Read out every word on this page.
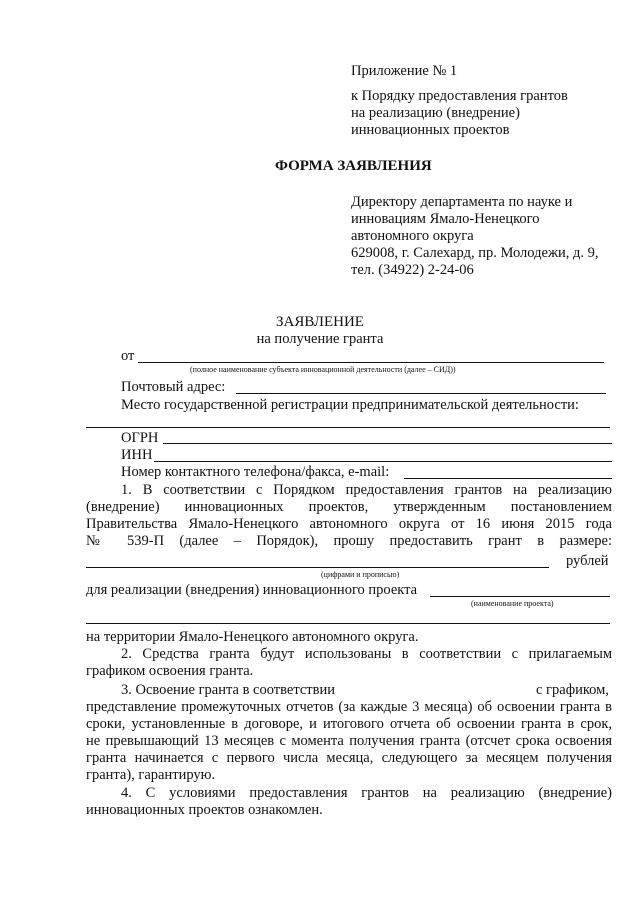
Приложение № 1
к Порядку предоставления грантов
на реализацию (внедрение)
инновационных проектов
ФОРМА ЗАЯВЛЕНИЯ
Директору департамента по науке и
инновациям Ямало-Ненецкого
автономного округа
629008, г. Салехард, пр. Молодежи, д. 9,
тел. (34922) 2-24-06
ЗАЯВЛЕНИЕ
на получение гранта
от
(полное наименование субъекта инновационной деятельности (далее – СИД))
Почтовый адрес:
Место государственной регистрации предпринимательской деятельности:
ОГРН
ИНН
Номер контактного телефона/факса, e-mail:
1. В соответствии с Порядком предоставления грантов на реализацию
(внедрение) инновационных проектов, утвержденным постановлением
Правительства Ямало-Ненецкого автономного округа от 16 июня 2015 года
№ 539-П (далее – Порядок), прошу предоставить грант в размере:
рублей
(цифрами и прописью)
для реализации (внедрения) инновационного проекта
(наименование проекта)
на территории Ямало-Ненецкого автономного округа.
2. Средства гранта будут использованы в соответствии с прилагаемым
графиком освоения гранта.
3. Освоение гранта в соответствии	с графиком,
представление промежуточных отчетов (за каждые 3 месяца) об освоении гранта в
сроки, установленные в договоре, и итогового отчета об освоении гранта в срок,
не превышающий 13 месяцев с момента получения гранта (отсчет срока освоения
гранта начинается с первого числа месяца, следующего за месяцем получения
гранта), гарантирую.
4. С условиями предоставления грантов на реализацию (внедрение)
инновационных проектов ознакомлен.
